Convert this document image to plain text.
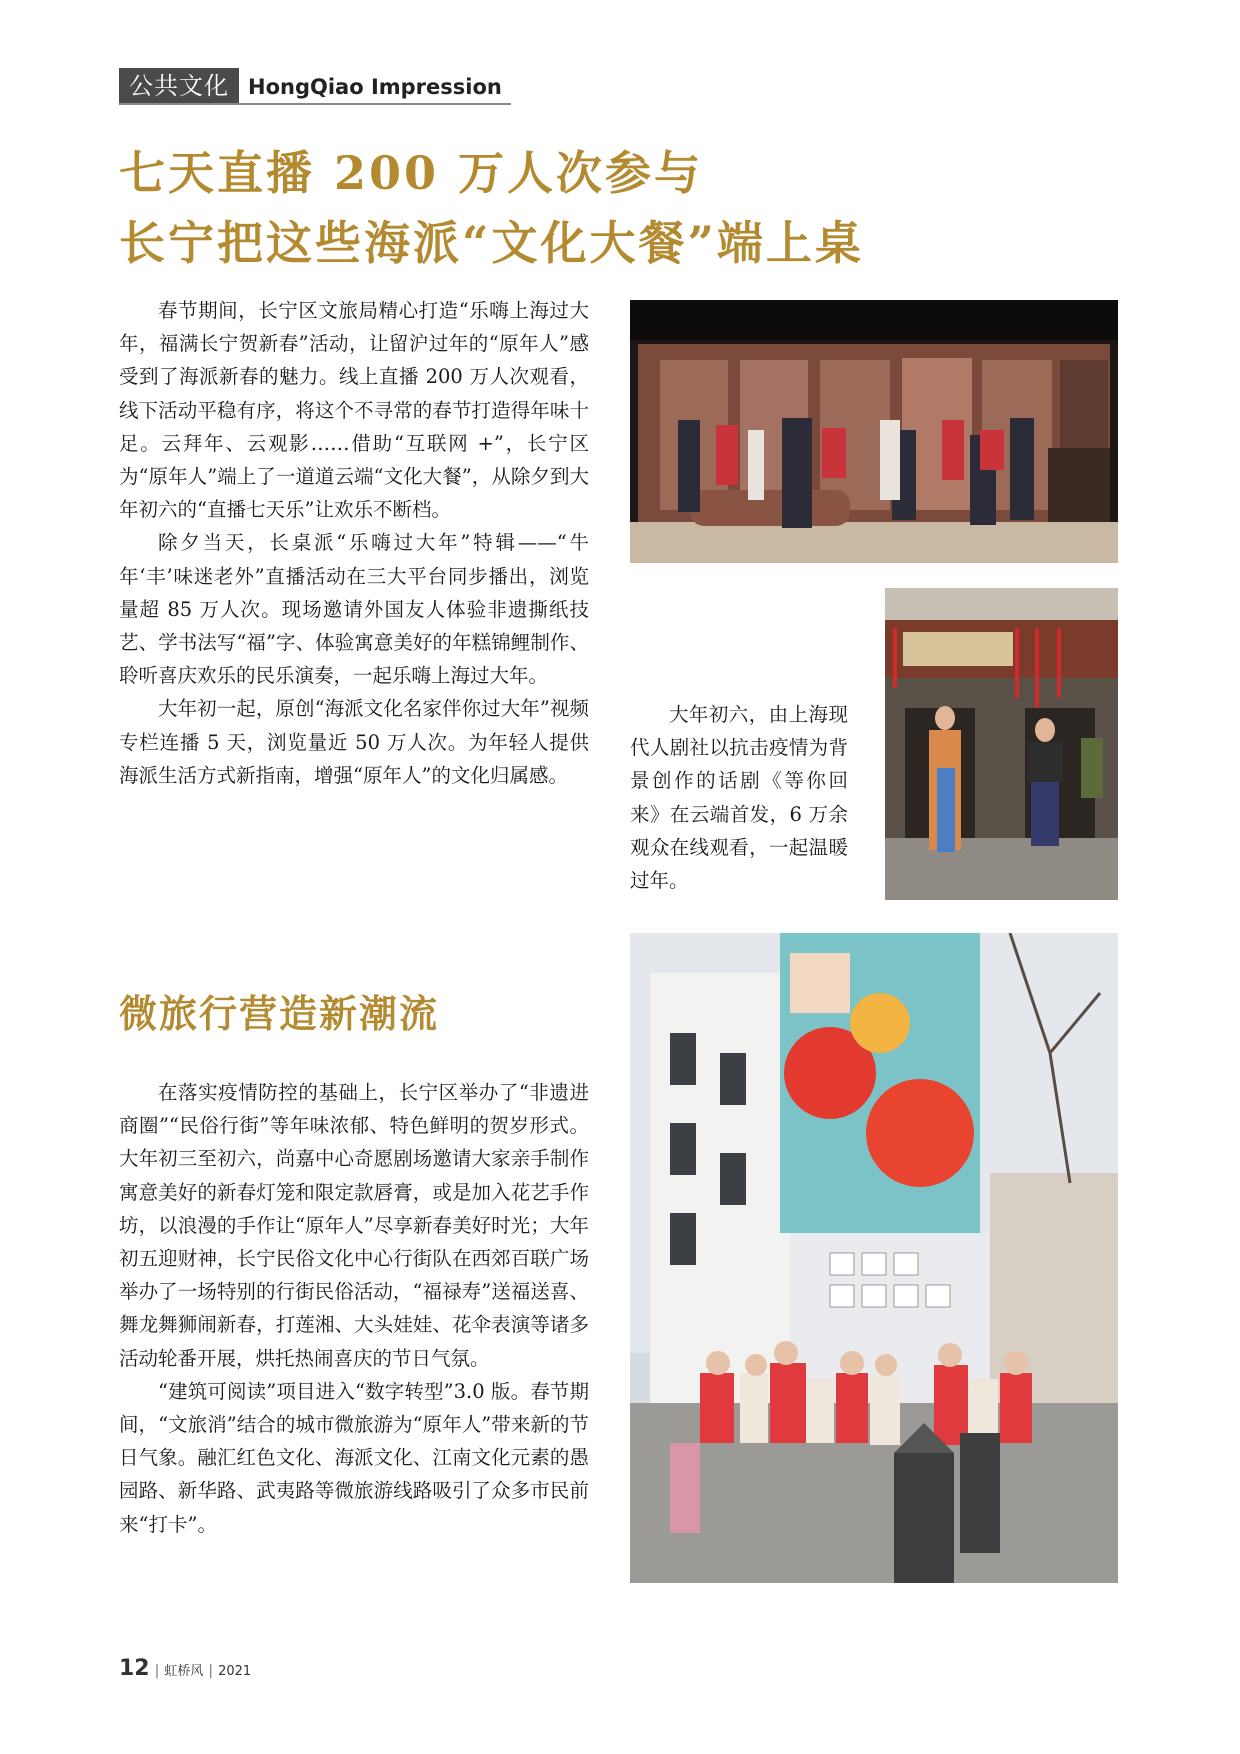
公共文化 HongQiao Impression
七天直播 200 万人次参与
长宁把这些海派“文化大餐”端上桌

春节期间，长宁区文旅局精心打造“乐嗨上海过大年，福满长宁贺新春”活动，让留沪过年的“原年人”感受到了海派新春的魅力。线上直播 200 万人次观看，线下活动平稳有序，将这个不寻常的春节打造得年味十足。云拜年、云观影……借助“互联网 +”，长宁区为“原年人”端上了一道道云端“文化大餐”，从除夕到大年初六的“直播七天乐”让欢乐不断档。

除夕当天，长桌派“乐嗨过大年”特辑——“牛年‘丰’味迷老外”直播活动在三大平台同步播出，浏览量超 85 万人次。现场邀请外国友人体验非遗撕纸技艺、学书法写“福”字、体验寓意美好的年糕锦鲤制作、聆听喜庆欢乐的民乐演奏，一起乐嗨上海过大年。

大年初一起，原创“海派文化名家伴你过大年”视频专栏连播 5 天，浏览量近 50 万人次。为年轻人提供海派生活方式新指南，增强“原年人”的文化归属感。

大年初六，由上海现代人剧社以抗击疫情为背景创作的话剧《等你回来》在云端首发，6 万余观众在线观看，一起温暖过年。

微旅行营造新潮流

在落实疫情防控的基础上，长宁区举办了“非遗进商圈”“民俗行街”等年味浓郁、特色鲜明的贺岁形式。大年初三至初六，尚嘉中心奇愿剧场邀请大家亲手制作寓意美好的新春灯笼和限定款唇膏，或是加入花艺手作坊，以浪漫的手作让“原年人”尽享新春美好时光；大年初五迎财神，长宁民俗文化中心行街队在西郊百联广场举办了一场特别的行街民俗活动，“福禄寿”送福送喜、舞龙舞狮闹新春，打莲湘、大头娃娃、花伞表演等诸多活动轮番开展，烘托热闹喜庆的节日气氛。

“建筑可阅读”项目进入“数字转型”3.0 版。春节期间，“文旅消”结合的城市微旅游为“原年人”带来新的节日气象。融汇红色文化、海派文化、江南文化元素的愚园路、新华路、武夷路等微旅游线路吸引了众多市民前来“打卡”。

12 | 虹桥风 | 2021
